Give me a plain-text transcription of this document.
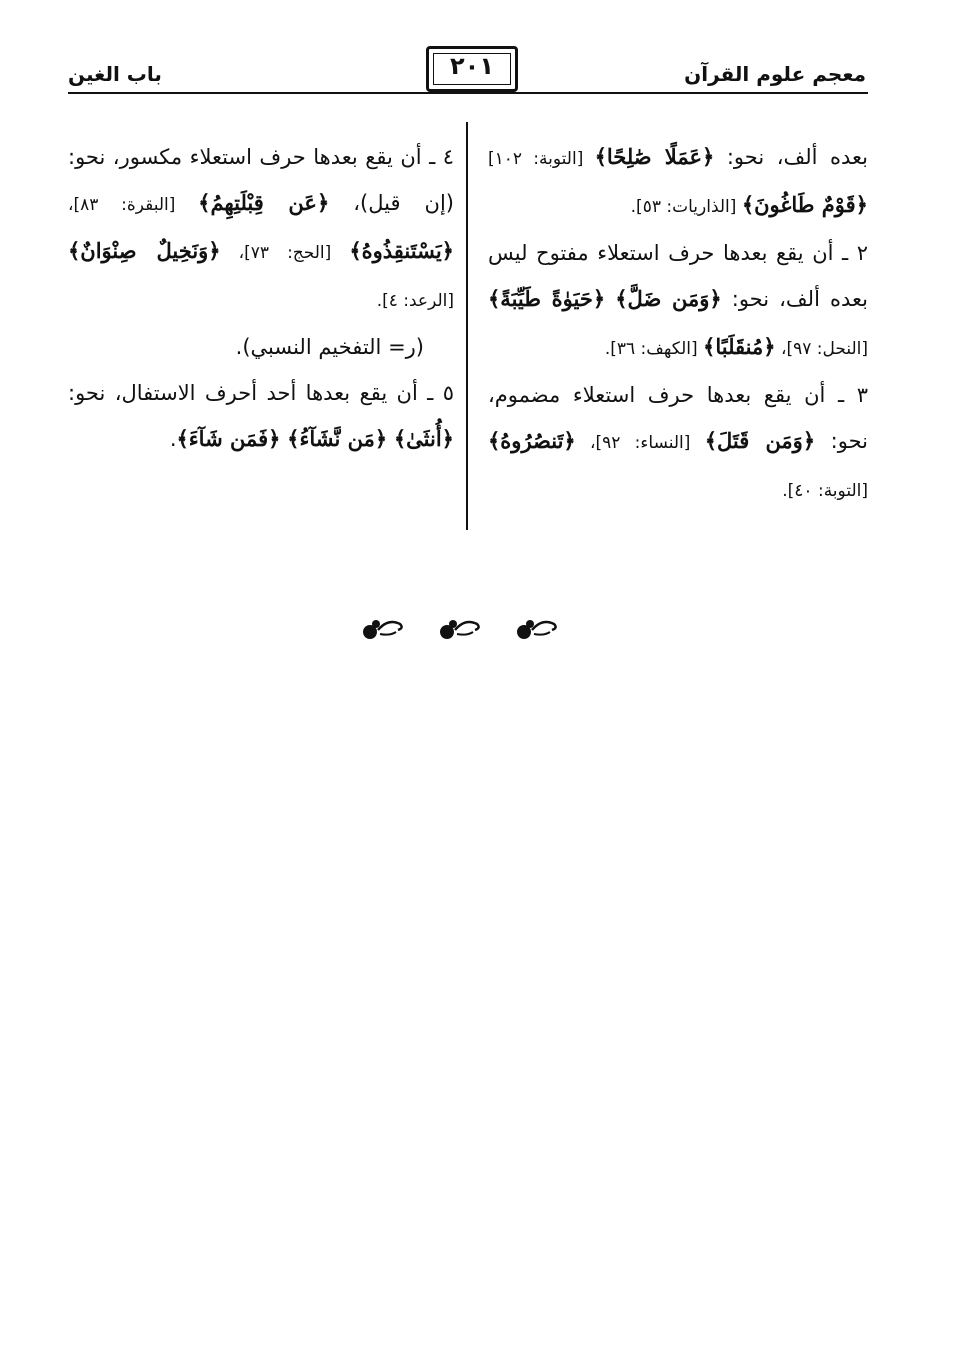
باب الغين	٢٠١	معجم علوم القرآن

بعده ألف، نحو: ﴿عَمَلًا صَٰلِحًا﴾ [التوبة: ١٠٢] ﴿قَوْمٌ طَاغُونَ﴾ [الذاريات: ٥٣].

٢ ـ أن يقع بعدها حرف استعلاء مفتوح ليس بعده ألف، نحو: ﴿وَمَن ضَلَّ﴾ ﴿حَيَوٰةً طَيِّبَةً﴾ [النحل: ٩٧]، ﴿مُنقَلَبًا﴾ [الكهف: ٣٦].

٣ ـ أن يقع بعدها حرف استعلاء مضموم، نحو: ﴿وَمَن قَتَلَ﴾ [النساء: ٩٢]، ﴿تَنصُرُوهُ﴾ [التوبة: ٤٠].

٤ ـ أن يقع بعدها حرف استعلاء مكسور، نحو: (إن قيل)، ﴿عَن قِبْلَتِهِمُ﴾ [البقرة: ٨٣]، ﴿يَسْتَنقِذُوهُ﴾ [الحج: ٧٣]، ﴿وَنَخِيلٌ صِنْوَانٌ﴾ [الرعد: ٤].

(ر= التفخيم النسبي).

٥ ـ أن يقع بعدها أحد أحرف الاستفال، نحو: ﴿أُنثَىٰ﴾ ﴿مَن نَّشَآءُ﴾ ﴿فَمَن شَآءَ﴾.
